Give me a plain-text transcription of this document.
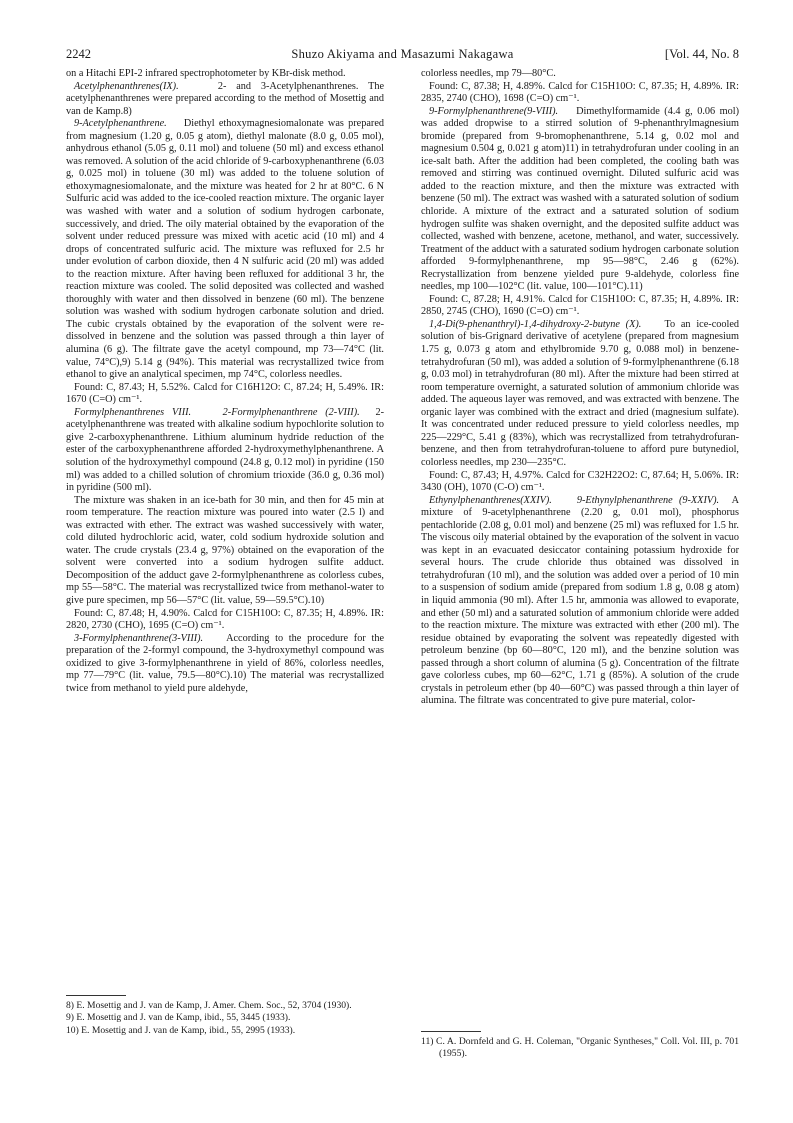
2242	Shuzo Akiyama and Masazumi Nakagawa	[Vol. 44, No. 8

on a Hitachi EPI-2 infrared spectrophotometer by KBr-disk method.

Acetylphenanthrenes(IX).	2- and 3-Acetylphenanthrenes. The acetylphenanthrenes were prepared according to the method of Mosettig and van de Kamp.8)

9-Acetylphenanthrene. Diethyl ethoxymagnesiomalonate was prepared from magnesium (1.20 g, 0.05 g atom), diethyl malonate (8.0 g, 0.05 mol), anhydrous ethanol (5.05 g, 0.11 mol) and toluene (50 ml) and excess ethanol was removed. A solution of the acid chloride of 9-carboxyphenanthrene (6.03 g, 0.025 mol) in toluene (30 ml) was added to the toluene solution of ethoxymagnesiomalonate, and the mixture was heated for 2 hr at 80°C. 6 N Sulfuric acid was added to the ice-cooled reaction mixture. The organic layer was washed with water and a solution of sodium hydrogen carbonate, successively, and dried. The oily material obtained by the evaporation of the solvent under reduced pressure was mixed with acetic acid (10 ml) and 4 drops of concentrated sulfuric acid. The mixture was refluxed for 2.5 hr under evolution of carbon dioxide, then 4 N sulfuric acid (20 ml) was added to the reaction mixture. After having been refluxed for additional 3 hr, the reaction mixture was cooled. The solid deposited was collected and washed thoroughly with water and then dissolved in benzene (60 ml). The benzene solution was washed with sodium hydrogen carbonate solution and dried. The cubic crystals obtained by the evaporation of the solvent were re-dissolved in benzene and the solution was passed through a thin layer of alumina (6 g). The filtrate gave the acetyl compound, mp 73—74°C (lit. value, 74°C),9) 5.14 g (94%). This material was recrystallized twice from ethanol to give an analytical specimen, mp 74°C, colorless needles.

Found: C, 87.43; H, 5.52%. Calcd for C16H12O: C, 87.24; H, 5.49%. IR: 1670 (C=O) cm⁻¹.

Formylphenanthrenes VIII.	2-Formylphenanthrene (2-VIII). 2-acetylphenanthrene was treated with alkaline sodium hypochlorite solution to give 2-carboxyphenanthrene. Lithium aluminum hydride reduction of the ester of the carboxyphenanthrene afforded 2-hydroxymethylphenanthrene. A solution of the hydroxymethyl compound (24.8 g, 0.12 mol) in pyridine (150 ml) was added to a chilled solution of chromium trioxide (36.0 g, 0.36 mol) in pyridine (500 ml).

The mixture was shaken in an ice-bath for 30 min, and then for 45 min at room temperature. The reaction mixture was poured into water (2.5 l) and was extracted with ether. The extract was washed successively with water, cold diluted hydrochloric acid, water, cold sodium hydroxide solution and water. The crude crystals (23.4 g, 97%) obtained on the evaporation of the solvent were converted into a sodium hydrogen sulfite adduct. Decomposition of the adduct gave 2-formylphenanthrene as colorless cubes, mp 55—58°C. The material was recrystallized twice from methanol-water to give pure specimen, mp 56—57°C (lit. value, 59—59.5°C).10)

Found: C, 87.48; H, 4.90%. Calcd for C15H10O: C, 87.35; H, 4.89%. IR: 2820, 2730 (CHO), 1695 (C=O) cm⁻¹.

3-Formylphenanthrene(3-VIII). According to the procedure for the preparation of the 2-formyl compound, the 3-hydroxymethyl compound was oxidized to give 3-formylphenanthrene in yield of 86%, colorless needles, mp 77—79°C (lit. value, 79.5—80°C).10) The material was recrystallized twice from methanol to yield pure aldehyde,

colorless needles, mp 79—80°C.

Found: C, 87.38; H, 4.89%. Calcd for C15H10O: C, 87.35; H, 4.89%. IR: 2835, 2740 (CHO), 1698 (C=O) cm⁻¹.

9-Formylphenanthrene(9-VIII). Dimethylformamide (4.4 g, 0.06 mol) was added dropwise to a stirred solution of 9-phenanthrylmagnesium bromide (prepared from 9-bromophenanthrene, 5.14 g, 0.02 mol and magnesium 0.504 g, 0.021 g atom)11) in tetrahydrofuran under cooling in an ice-salt bath. After the addition had been completed, the cooling bath was removed and stirring was continued overnight. Diluted sulfuric acid was added to the reaction mixture, and then the mixture was extracted with benzene (50 ml). The extract was washed with a saturated solution of sodium chloride. A mixture of the extract and a saturated solution of sodium hydrogen sulfite was shaken overnight, and the deposited sulfite adduct was collected, washed with benzene, acetone, methanol, and water, successively. Treatment of the adduct with a saturated sodium hydrogen carbonate solution afforded 9-formylphenanthrene, mp 95—98°C, 2.46 g (62%). Recrystallization from benzene yielded pure 9-aldehyde, colorless fine needles, mp 100—102°C (lit. value, 100—101°C).11)

Found: C, 87.28; H, 4.91%. Calcd for C15H10O: C, 87.35; H, 4.89%. IR: 2850, 2745 (CHO), 1690 (C=O) cm⁻¹.

1,4-Di(9-phenanthryl)-1,4-dihydroxy-2-butyne (X). To an ice-cooled solution of bis-Grignard derivative of acetylene (prepared from magnesium 1.75 g, 0.073 g atom and ethylbromide 9.70 g, 0.088 mol) in benzene-tetrahydrofuran (50 ml), was added a solution of 9-formylphenanthrene (6.18 g, 0.03 mol) in tetrahydrofuran (80 ml). After the mixture had been stirred at room temperature overnight, a saturated solution of ammonium chloride was added. The aqueous layer was removed, and was extracted with benzene. The organic layer was combined with the extract and dried (magnesium sulfate). It was concentrated under reduced pressure to yield colorless needles, mp 225—229°C, 5.41 g (83%), which was recrystallized from tetrahydrofuran-benzene, and then from tetrahydrofuran-toluene to afford pure butynediol, colorless needles, mp 230—235°C.

Found: C, 87.43; H, 4.97%. Calcd for C32H22O2: C, 87.64; H, 5.06%. IR: 3430 (OH), 1070 (C-O) cm⁻¹.

Ethynylphenanthrenes(XXIV). 9-Ethynylphenanthrene (9-XXIV). A mixture of 9-acetylphenanthrene (2.20 g, 0.01 mol), phosphorus pentachloride (2.08 g, 0.01 mol) and benzene (25 ml) was refluxed for 1.5 hr. The viscous oily material obtained by the evaporation of the solvent in vacuo was kept in an evacuated desiccator containing potassium hydroxide for several hours. The crude chloride thus obtained was dissolved in tetrahydrofuran (10 ml), and the solution was added over a period of 10 min to a suspension of sodium amide (prepared from sodium 1.8 g, 0.08 g atom) in liquid ammonia (90 ml). After 1.5 hr, ammonia was allowed to evaporate, and ether (50 ml) and a saturated solution of ammonium chloride were added to the reaction mixture. The mixture was extracted with ether (200 ml). The residue obtained by evaporating the solvent was repeatedly digested with petroleum benzine (bp 60—80°C, 120 ml), and the benzine solution was passed through a short column of alumina (5 g). Concentration of the filtrate gave colorless cubes, mp 60—62°C, 1.71 g (85%). A solution of the crude crystals in petroleum ether (bp 40—60°C) was passed through a thin layer of alumina. The filtrate was concentrated to give pure material, color-

8) E. Mosettig and J. van de Kamp, J. Amer. Chem. Soc., 52, 3704 (1930).

9) E. Mosettig and J. van de Kamp, ibid., 55, 3445 (1933).

10) E. Mosettig and J. van de Kamp, ibid., 55, 2995 (1933).

11) C. A. Dornfeld and G. H. Coleman, "Organic Syntheses," Coll. Vol. III, p. 701 (1955).
